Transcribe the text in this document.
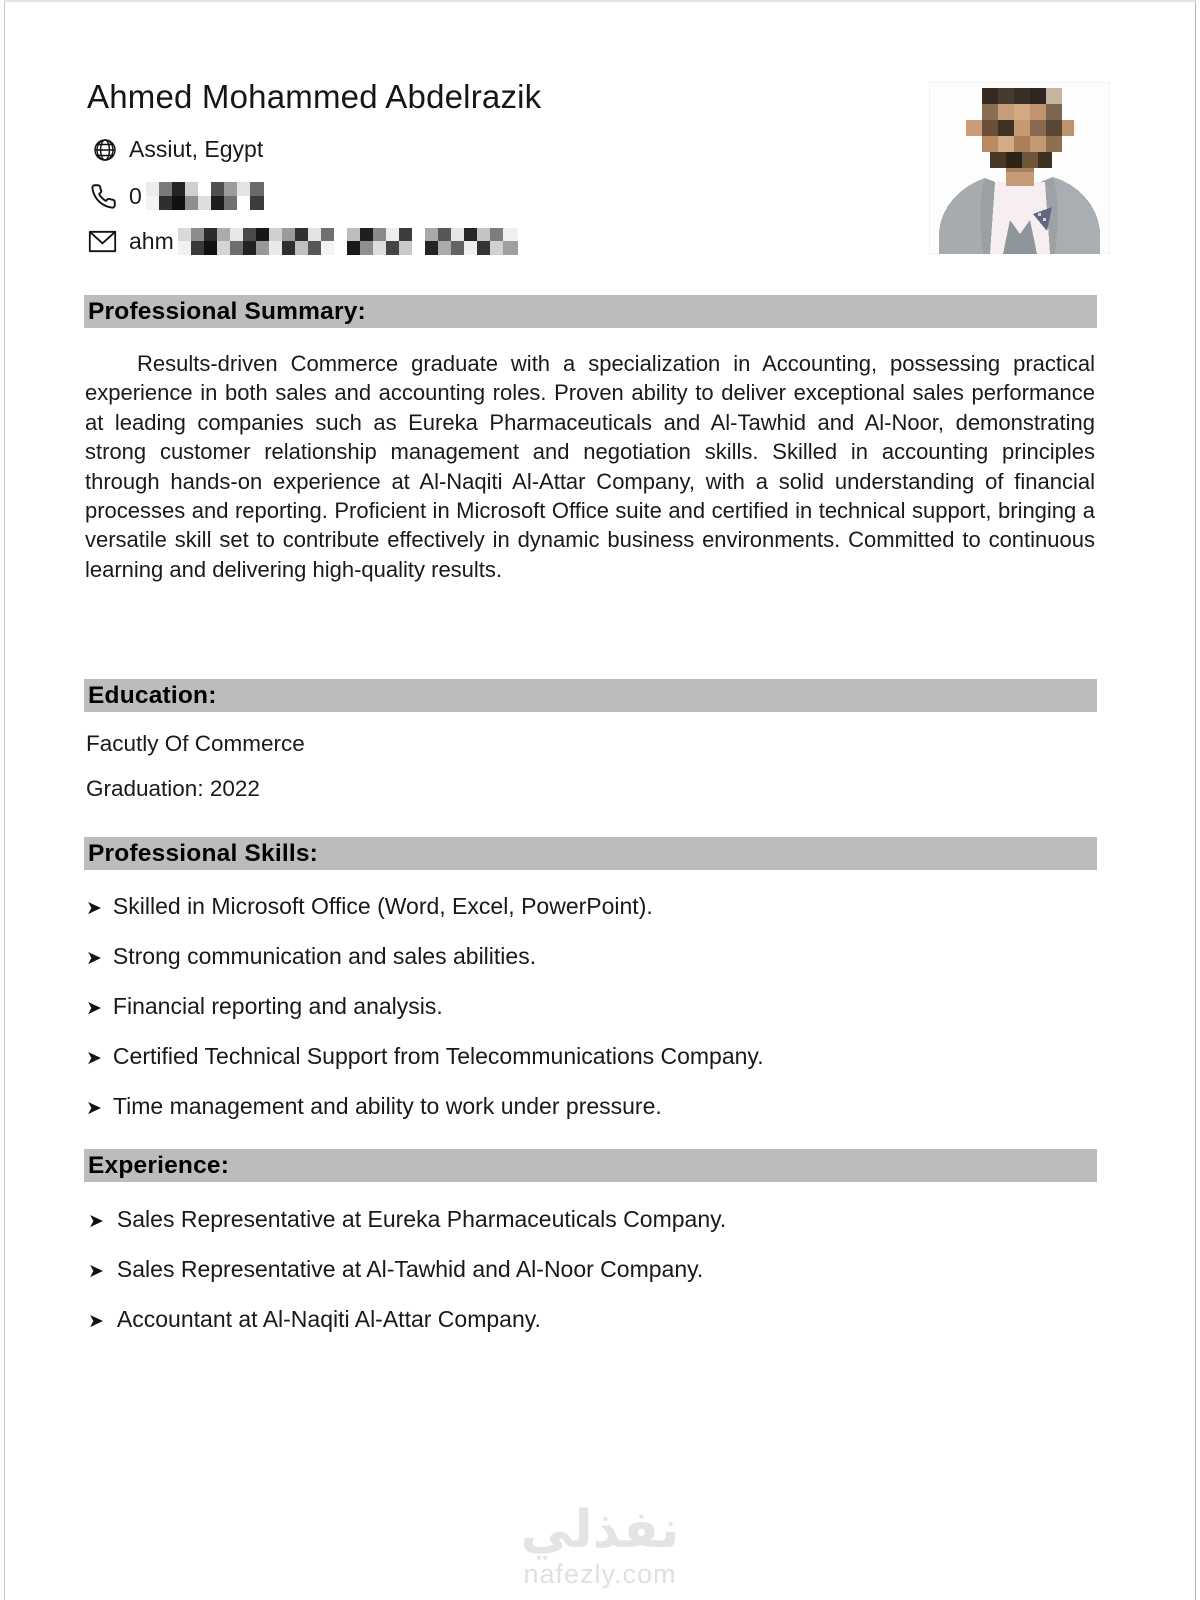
Ahmed Mohammed Abdelrazik
Assiut, Egypt
0
ahm
Professional Summary:
Results-driven Commerce graduate with a specialization in Accounting, possessing practical experience in both sales and accounting roles. Proven ability to deliver exceptional sales performance at leading companies such as Eureka Pharmaceuticals and Al-Tawhid and Al-Noor, demonstrating strong customer relationship management and negotiation skills. Skilled in accounting principles through hands-on experience at Al-Naqiti Al-Attar Company, with a solid understanding of financial processes and reporting. Proficient in Microsoft Office suite and certified in technical support, bringing a versatile skill set to contribute effectively in dynamic business environments. Committed to continuous learning and delivering high-quality results.
Education:
Facutly Of Commerce
Graduation: 2022
Professional Skills:
➤ Skilled in Microsoft Office (Word, Excel, PowerPoint).
➤ Strong communication and sales abilities.
➤ Financial reporting and analysis.
➤ Certified Technical Support from Telecommunications Company.
➤ Time management and ability to work under pressure.
Experience:
➤ Sales Representative at Eureka Pharmaceuticals Company.
➤ Sales Representative at Al-Tawhid and Al-Noor Company.
➤ Accountant at Al-Naqiti Al-Attar Company.
نفذلي
nafezly.com
